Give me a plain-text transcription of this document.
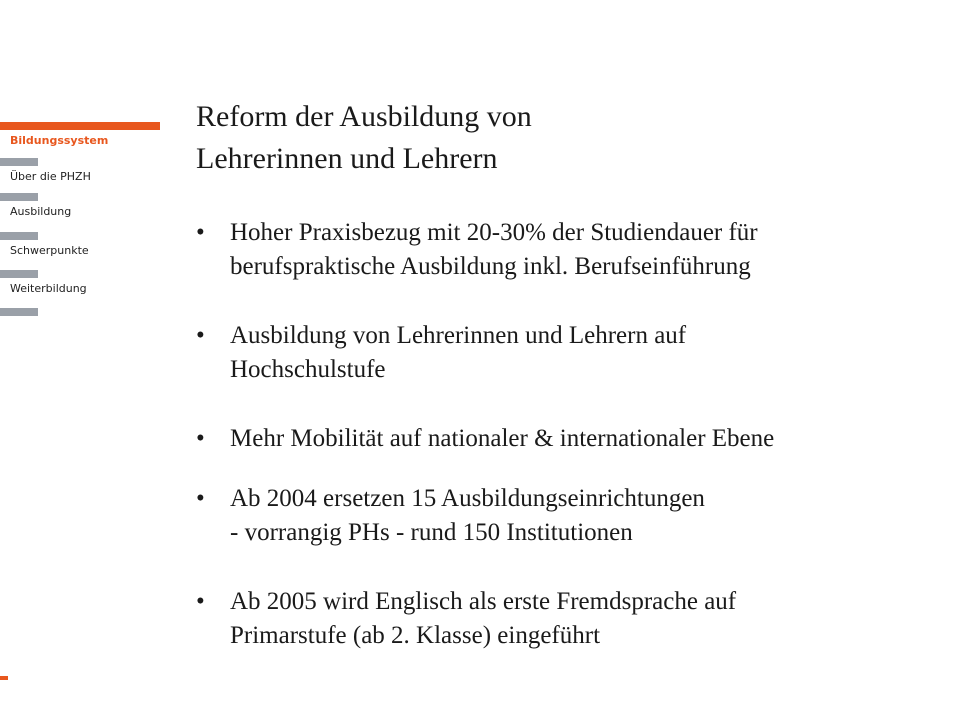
Bildungssystem
Über die PHZH
Ausbildung
Schwerpunkte
Weiterbildung
Reform der Ausbildung von
Lehrerinnen und Lehrern
• Hoher Praxisbezug mit 20-30% der Studiendauer für
berufspraktische Ausbildung inkl. Berufseinführung
• Ausbildung von Lehrerinnen und Lehrern auf
Hochschulstufe
• Mehr Mobilität auf nationaler & internationaler Ebene
• Ab 2004 ersetzen 15 Ausbildungseinrichtungen
- vorrangig PHs - rund 150 Institutionen
• Ab 2005 wird Englisch als erste Fremdsprache auf
Primarstufe (ab 2. Klasse) eingeführt
